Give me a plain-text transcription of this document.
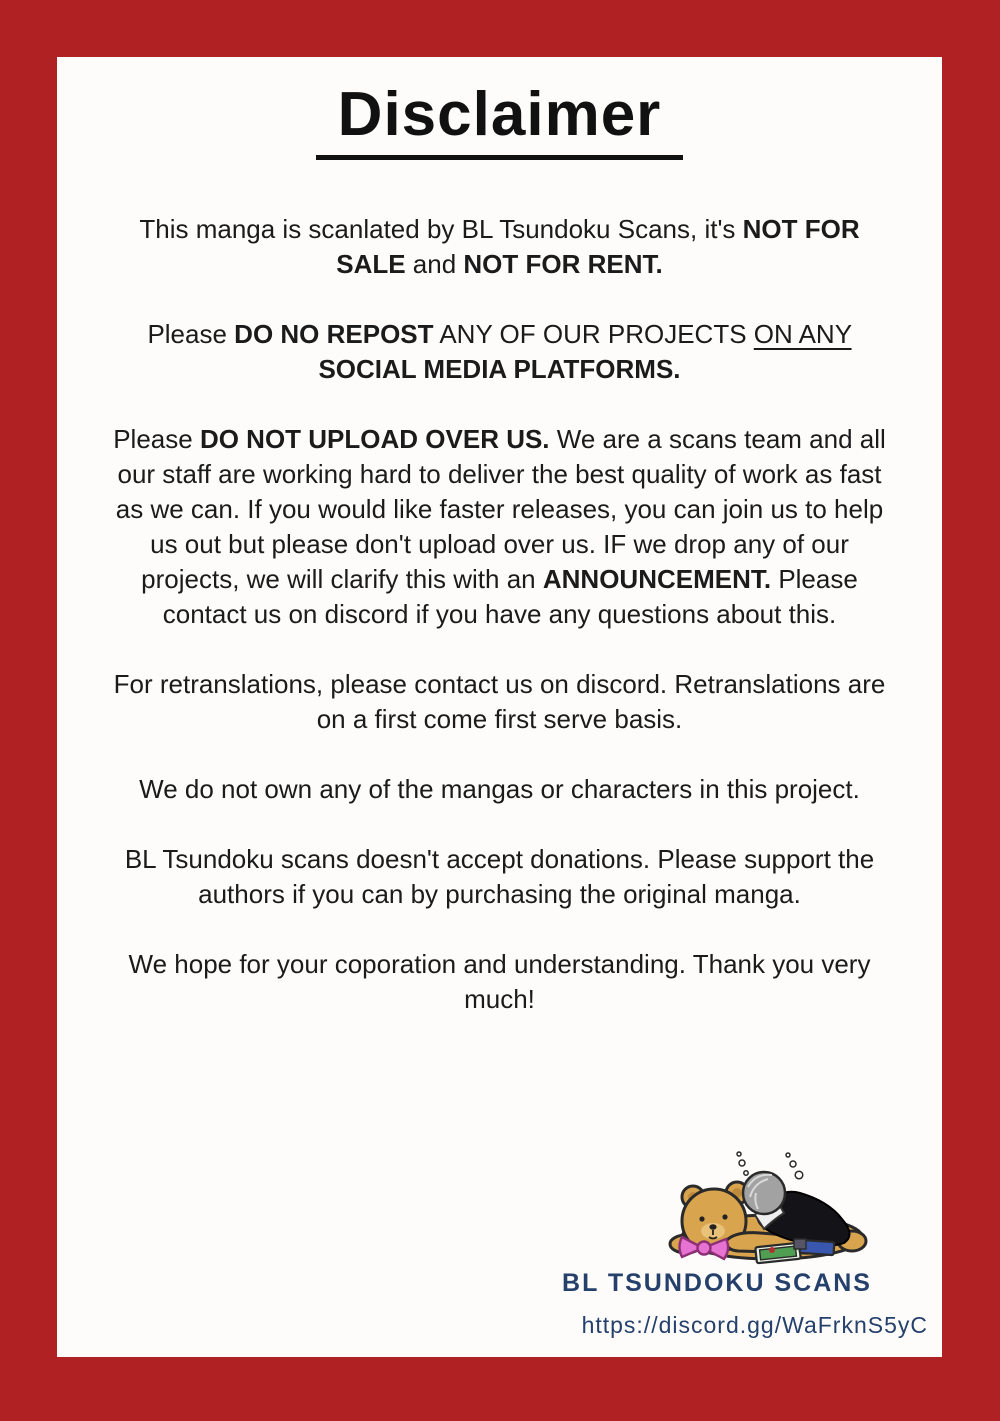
Disclaimer

This manga is scanlated by BL Tsundoku Scans, it's NOT FOR SALE and NOT FOR RENT.

Please DO NO REPOST ANY OF OUR PROJECTS ON ANY SOCIAL MEDIA PLATFORMS.

Please DO NOT UPLOAD OVER US. We are a scans team and all our staff are working hard to deliver the best quality of work as fast as we can. If you would like faster releases, you can join us to help us out but please don't upload over us. IF we drop any of our projects, we will clarify this with an ANNOUNCEMENT. Please contact us on discord if you have any questions about this.

For retranslations, please contact us on discord. Retranslations are on a first come first serve basis.

We do not own any of the mangas or characters in this project.

BL Tsundoku scans doesn't accept donations. Please support the authors if you can by purchasing the original manga.

We hope for your coporation and understanding. Thank you very much!

BL TSUNDOKU SCANS
https://discord.gg/WaFrknS5yC
